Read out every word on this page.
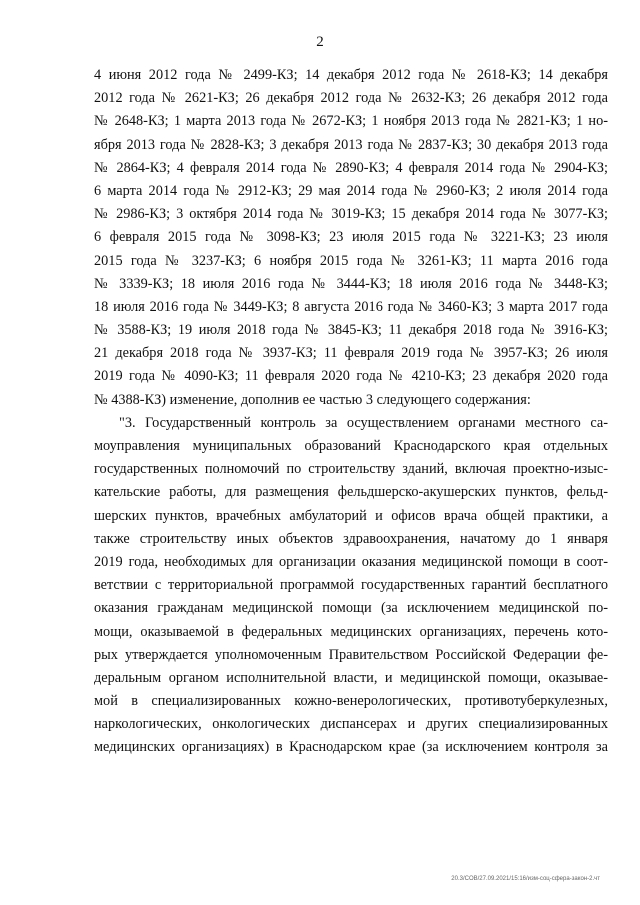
2
4 июня 2012 года № 2499-КЗ; 14 декабря 2012 года № 2618-КЗ; 14 декабря
2012 года № 2621-КЗ; 26 декабря 2012 года № 2632-КЗ; 26 декабря 2012 года
№ 2648-КЗ; 1 марта 2013 года № 2672-КЗ; 1 ноября 2013 года № 2821-КЗ; 1 но-
ября 2013 года № 2828-КЗ; 3 декабря 2013 года № 2837-КЗ; 30 декабря 2013 года
№ 2864-КЗ; 4 февраля 2014 года № 2890-КЗ; 4 февраля 2014 года № 2904-КЗ;
6 марта 2014 года № 2912-КЗ; 29 мая 2014 года № 2960-КЗ; 2 июля 2014 года
№ 2986-КЗ; 3 октября 2014 года № 3019-КЗ; 15 декабря 2014 года № 3077-КЗ;
6 февраля 2015 года № 3098-КЗ; 23 июля 2015 года № 3221-КЗ; 23 июля
2015 года № 3237-КЗ; 6 ноября 2015 года № 3261-КЗ; 11 марта 2016 года
№ 3339-КЗ; 18 июля 2016 года № 3444-КЗ; 18 июля 2016 года № 3448-КЗ;
18 июля 2016 года № 3449-КЗ; 8 августа 2016 года № 3460-КЗ; 3 марта 2017 года
№ 3588-КЗ; 19 июля 2018 года № 3845-КЗ; 11 декабря 2018 года № 3916-КЗ;
21 декабря 2018 года № 3937-КЗ; 11 февраля 2019 года № 3957-КЗ; 26 июля
2019 года № 4090-КЗ; 11 февраля 2020 года № 4210-КЗ; 23 декабря 2020 года
№ 4388-КЗ) изменение, дополнив ее частью 3 следующего содержания:
"3. Государственный контроль за осуществлением органами местного са-
моуправления муниципальных образований Краснодарского края отдельных
государственных полномочий по строительству зданий, включая проектно-изыс-
кательские работы, для размещения фельдшерско-акушерских пунктов, фельд-
шерских пунктов, врачебных амбулаторий и офисов врача общей практики, а
также строительству иных объектов здравоохранения, начатому до 1 января
2019 года, необходимых для организации оказания медицинской помощи в соот-
ветствии с территориальной программой государственных гарантий бесплатного
оказания гражданам медицинской помощи (за исключением медицинской по-
мощи, оказываемой в федеральных медицинских организациях, перечень кото-
рых утверждается уполномоченным Правительством Российской Федерации фе-
деральным органом исполнительной власти, и медицинской помощи, оказывае-
мой в специализированных кожно-венерологических, противотуберкулезных,
наркологических, онкологических диспансерах и других специализированных
медицинских организациях) в Краснодарском крае (за исключением контроля за
20.3/COB/27.09.2021/15:16/изм-соц-сфера-закон-2.чт
